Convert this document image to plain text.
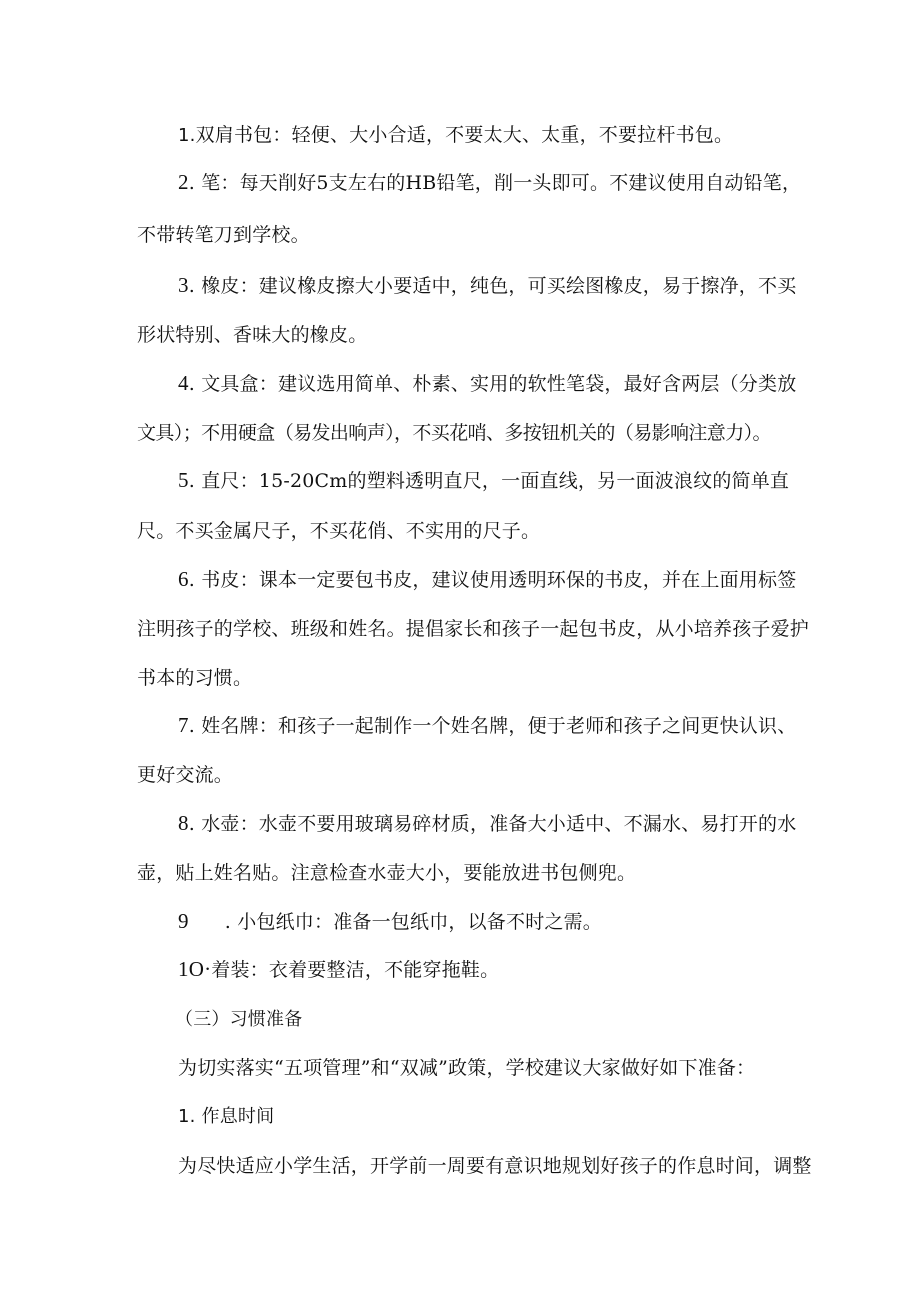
1.双肩书包：轻便、大小合适，不要太大、太重，不要拉杆书包。
2. 笔：每天削好5支左右的HB铅笔，削一头即可。不建议使用自动铅笔，
不带转笔刀到学校。
3. 橡皮：建议橡皮擦大小要适中，纯色，可买绘图橡皮，易于擦净，不买
形状特别、香味大的橡皮。
4. 文具盒：建议选用简单、朴素、实用的软性笔袋，最好含两层（分类放
文具）；不用硬盒（易发出响声），不买花哨、多按钮机关的（易影响注意力）。
5. 直尺：15-20Cm的塑料透明直尺，一面直线，另一面波浪纹的简单直
尺。不买金属尺子，不买花俏、不实用的尺子。
6. 书皮：课本一定要包书皮，建议使用透明环保的书皮，并在上面用标签
注明孩子的学校、班级和姓名。提倡家长和孩子一起包书皮，从小培养孩子爱护
书本的习惯。
7. 姓名牌：和孩子一起制作一个姓名牌，便于老师和孩子之间更快认识、
更好交流。
8. 水壶：水壶不要用玻璃易碎材质，准备大小适中、不漏水、易打开的水
壶，贴上姓名贴。注意检查水壶大小，要能放进书包侧兜。
9 . 小包纸巾：准备一包纸巾，以备不时之需。
1O·着装：衣着要整洁，不能穿拖鞋。
（三）习惯准备
为切实落实“五项管理”和“双减”政策，学校建议大家做好如下准备：
1. 作息时间
为尽快适应小学生活，开学前一周要有意识地规划好孩子的作息时间，调整
